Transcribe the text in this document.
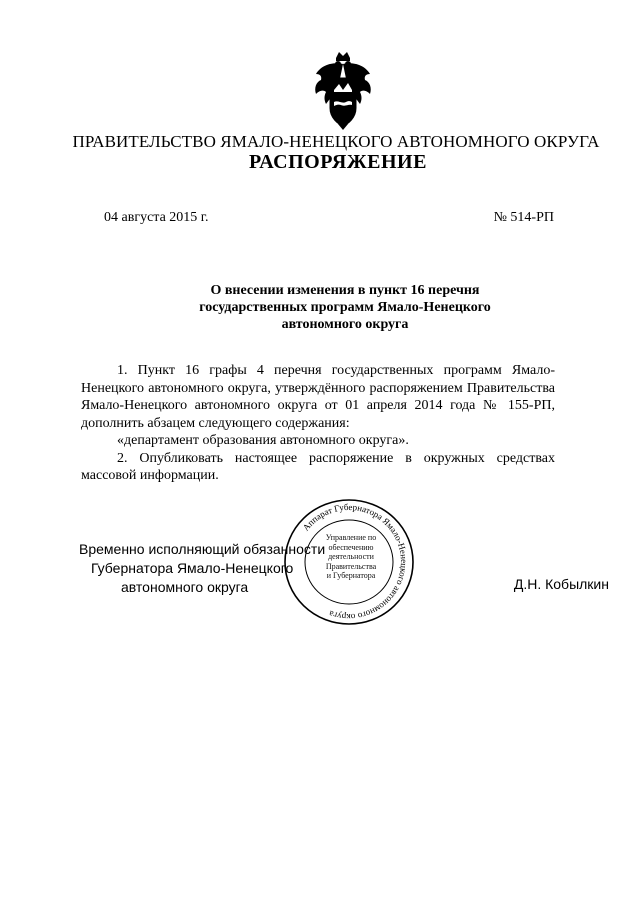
ПРАВИТЕЛЬСТВО ЯМАЛО-НЕНЕЦКОГО АВТОНОМНОГО ОКРУГА
РАСПОРЯЖЕНИЕ
04 августа 2015 г.	№ 514-РП
О внесении изменения в пункт 16 перечня
государственных программ Ямало-Ненецкого
автономного округа

1. Пункт 16 графы 4 перечня государственных программ Ямало-Ненецкого автономного округа, утверждённого распоряжением Правительства Ямало-Ненецкого автономного округа от 01 апреля 2014 года № 155-РП, дополнить абзацем следующего содержания:

«департамент образования автономного округа».

2. Опубликовать настоящее распоряжение в окружных средствах массовой информации.

Временно исполняющий обязанности
Губернатора Ямало-Ненецкого
автономного округа
Аппарат Губернатора Ямало-Ненецкого автономного округа
Управление по
обеспечению
деятельности
Правительства
и Губернатора
Д.Н. Кобылкин
